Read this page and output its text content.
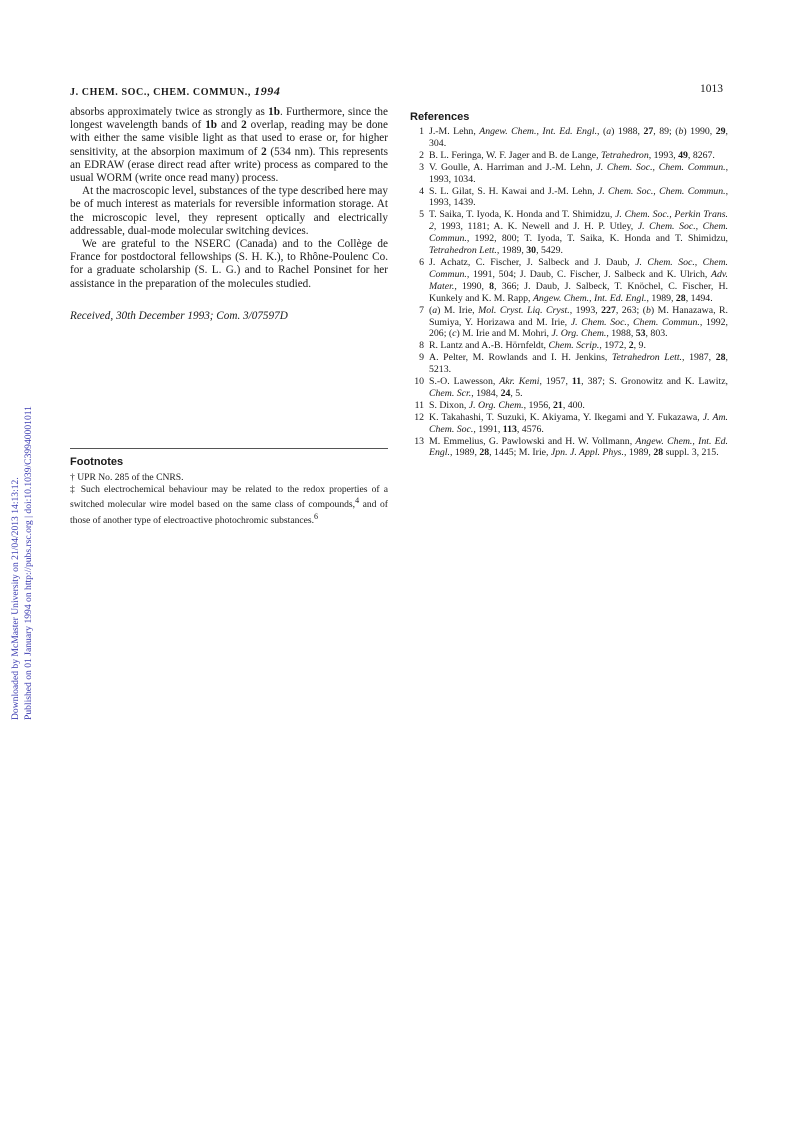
Downloaded by McMaster University on 21/04/2013 14:13:12. Published on 01 January 1994 on http://pubs.rsc.org | doi:10.1039/C39940001011
J. CHEM. SOC., CHEM. COMMUN., 1994	1013

absorbs approximately twice as strongly as 1b. Furthermore, since the longest wavelength bands of 1b and 2 overlap, reading may be done with either the same visible light as that used to erase or, for higher sensitivity, at the absorpion maximum of 2 (534 nm). This represents an EDRAW (erase direct read after write) process as compared to the usual WORM (write once read many) process.

At the macroscopic level, substances of the type described here may be of much interest as materials for reversible information storage. At the microscopic level, they represent optically and electrically addressable, dual-mode molecular switching devices.

We are grateful to the NSERC (Canada) and to the Collège de France for postdoctoral fellowships (S. H. K.), to Rhône-Poulenc Co. for a graduate scholarship (S. L. G.) and to Rachel Ponsinet for her assistance in the preparation of the molecules studied.

Received, 30th December 1993; Com. 3/07597D
Footnotes

† UPR No. 285 of the CNRS.

‡ Such electrochemical behaviour may be related to the redox properties of a switched molecular wire model based on the same class of compounds,$^4$ and of those of another type of electroactive photochromic substances.$^6$

References

1 J.-M. Lehn, Angew. Chem., Int. Ed. Engl., (a) 1988, 27, 89; (b) 1990, 29, 304.

2 B. L. Feringa, W. F. Jager and B. de Lange, Tetrahedron, 1993, 49, 8267.

3 V. Goulle, A. Harriman and J.-M. Lehn, J. Chem. Soc., Chem. Commun., 1993, 1034.

4 S. L. Gilat, S. H. Kawai and J.-M. Lehn, J. Chem. Soc., Chem. Commun., 1993, 1439.

5 T. Saika, T. Iyoda, K. Honda and T. Shimidzu, J. Chem. Soc., Perkin Trans. 2, 1993, 1181; A. K. Newell and J. H. P. Utley, J. Chem. Soc., Chem. Commun., 1992, 800; T. Iyoda, T. Saika, K. Honda and T. Shimidzu, Tetrahedron Lett., 1989, 30, 5429.

6 J. Achatz, C. Fischer, J. Salbeck and J. Daub, J. Chem. Soc., Chem. Commun., 1991, 504; J. Daub, C. Fischer, J. Salbeck and K. Ulrich, Adv. Mater., 1990, 8, 366; J. Daub, J. Salbeck, T. Knöchel, C. Fischer, H. Kunkely and K. M. Rapp, Angew. Chem., Int. Ed. Engl., 1989, 28, 1494.

7 (a) M. Irie, Mol. Cryst. Liq. Cryst., 1993, 227, 263; (b) M. Hanazawa, R. Sumiya, Y. Horizawa and M. Irie, J. Chem. Soc., Chem. Commun., 1992, 206; (c) M. Irie and M. Mohri, J. Org. Chem., 1988, 53, 803.

8 R. Lantz and A.-B. Hörnfeldt, Chem. Scrip., 1972, 2, 9.

9 A. Pelter, M. Rowlands and I. H. Jenkins, Tetrahedron Lett., 1987, 28, 5213.

10 S.-O. Lawesson, Akr. Kemi, 1957, 11, 387; S. Gronowitz and K. Lawitz, Chem. Scr., 1984, 24, 5.

11 S. Dixon, J. Org. Chem., 1956, 21, 400.

12 K. Takahashi, T. Suzuki, K. Akiyama, Y. Ikegami and Y. Fukazawa, J. Am. Chem. Soc., 1991, 113, 4576.

13 M. Emmelius, G. Pawlowski and H. W. Vollmann, Angew. Chem., Int. Ed. Engl., 1989, 28, 1445; M. Irie, Jpn. J. Appl. Phys., 1989, 28 suppl. 3, 215.
